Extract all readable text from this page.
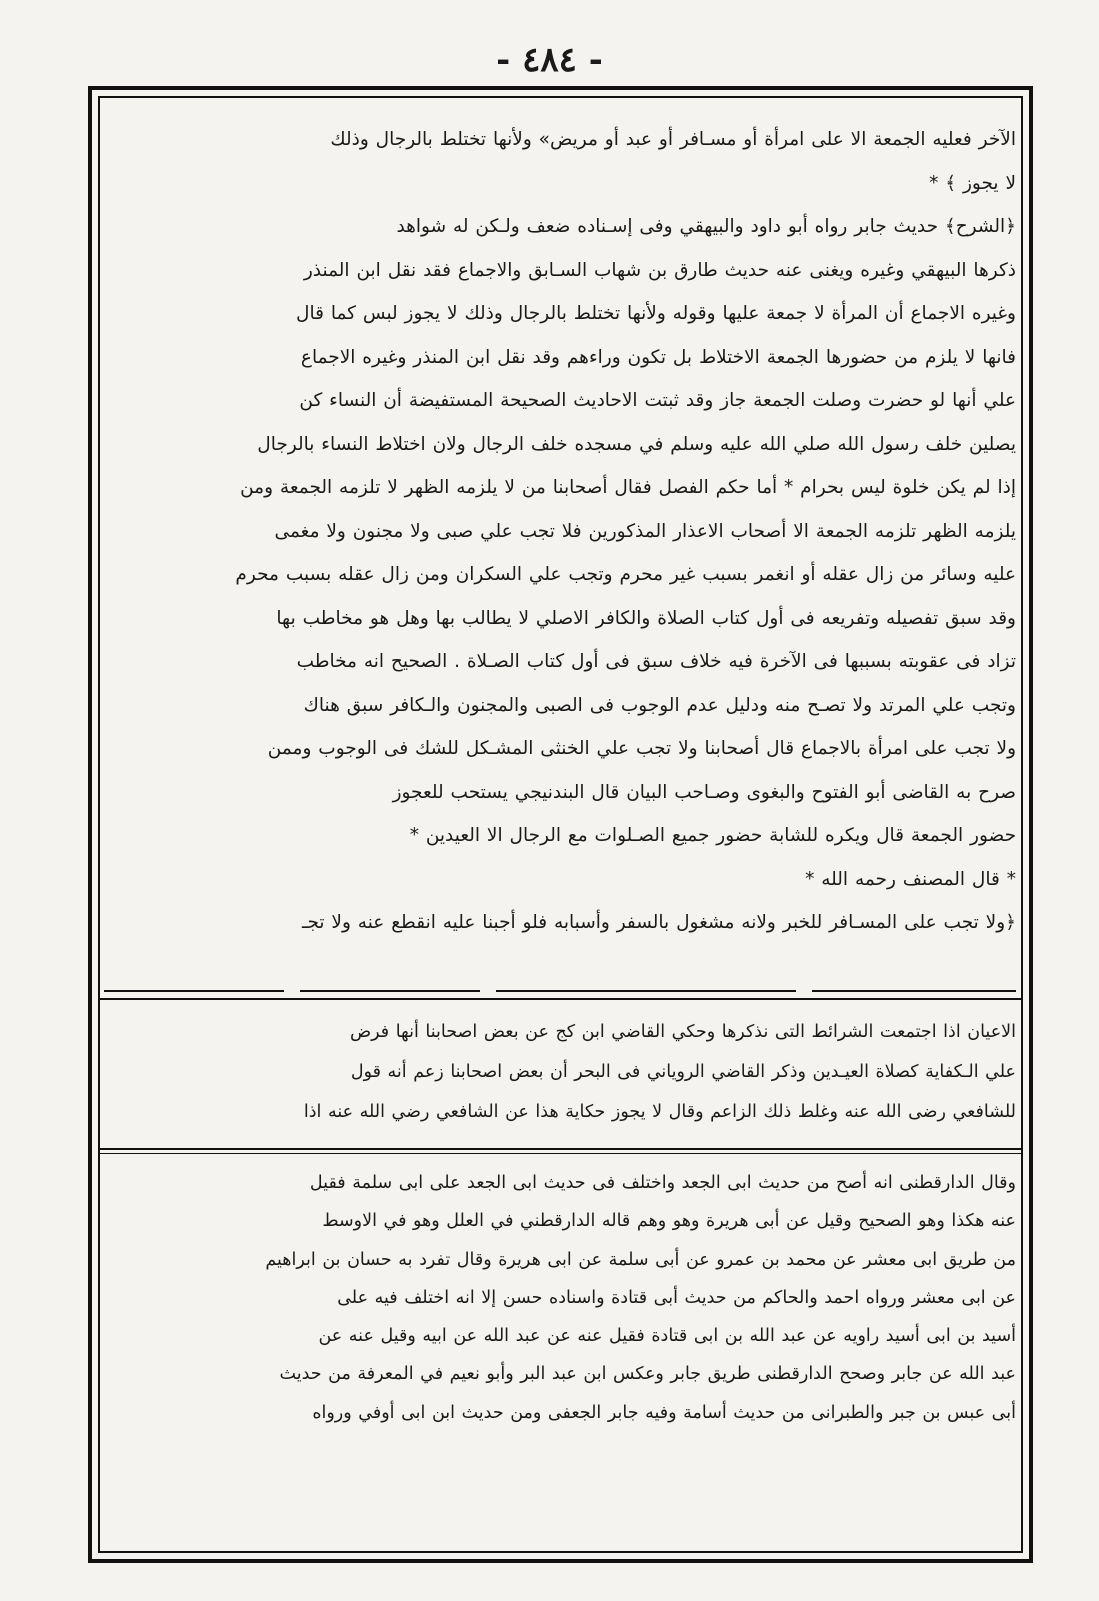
- ٤٨٤ -
الآخر فعليه الجمعة الا على امرأة أو مسـافر أو عبد أو مريض» ولأنها تختلط بالرجال وذلك
لا يجوز ﴾ *
﴿الشرح﴾ حديث جابر رواه أبو داود والبيهقي وفى إسـناده ضعف ولـكن له شواهد
ذكرها البيهقي وغيره ويغنى عنه حديث طارق بن شهاب السـابق والاجماع فقد نقل ابن المنذر
وغيره الاجماع أن المرأة لا جمعة عليها وقوله ولأنها تختلط بالرجال وذلك لا يجوز لبس كما قال
فانها لا يلزم من حضورها الجمعة الاختلاط بل تكون وراءهم وقد نقل ابن المنذر وغيره الاجماع
علي أنها لو حضرت وصلت الجمعة جاز وقد ثبتت الاحاديث الصحيحة المستفيضة أن النساء كن
يصلين خلف رسول الله صلي الله عليه وسلم في مسجده خلف الرجال ولان اختلاط النساء بالرجال
إذا لم يكن خلوة ليس بحرام * أما حكم الفصل فقال أصحابنا من لا يلزمه الظهر لا تلزمه الجمعة ومن
يلزمه الظهر تلزمه الجمعة الا أصحاب الاعذار المذكورين فلا تجب علي صبى ولا مجنون ولا مغمى
عليه وسائر من زال عقله أو انغمر بسبب غير محرم وتجب علي السكران ومن زال عقله بسبب محرم
وقد سبق تفصيله وتفريعه فى أول كتاب الصلاة والكافر الاصلي لا يطالب بها وهل هو مخاطب بها
تزاد فى عقوبته بسببها فى الآخرة فيه خلاف سبق فى أول كتاب الصـلاة . الصحيح انه مخاطب
وتجب علي المرتد ولا تصـح منه ودليل عدم الوجوب فى الصبى والمجنون والـكافر سبق هناك
ولا تجب على امرأة بالاجماع قال أصحابنا ولا تجب علي الخنثى المشـكل للشك فى الوجوب وممن
صرح به القاضى أبو الفتوح والبغوى وصـاحب البيان قال البندنيجي يستحب للعجوز
حضور الجمعة قال ويكره للشابة حضور جميع الصـلوات مع الرجال الا العيدين *
* قال المصنف رحمه الله *
﴿ولا تجب على المسـافر للخبر ولانه مشغول بالسفر وأسبابه فلو أجبنا عليه انقطع عنه ولا تجـ
الاعيان اذا اجتمعت الشرائط التى نذكرها وحكي القاضي ابن كج عن بعض اصحابنا أنها فرض
علي الـكفاية كصلاة العيـدين وذكر القاضي الروياني فى البحر أن بعض اصحابنا زعم أنه قول
للشافعي رضى الله عنه وغلط ذلك الزاعم وقال لا يجوز حكاية هذا عن الشافعي رضي الله عنه اذا
وقال الدارقطنى انه أصح من حديث ابى الجعد واختلف فى حديث ابى الجعد على ابى سلمة فقيل
عنه هكذا وهو الصحيح وقيل عن أبى هريرة وهو وهم قاله الدارقطني في العلل وهو في الاوسط
من طريق ابى معشر عن محمد بن عمرو عن أبى سلمة عن ابى هريرة وقال تفرد به حسان بن ابراهيم
عن ابى معشر ورواه احمد والحاكم من حديث أبى قتادة واسناده حسن إلا انه اختلف فيه على
أسيد بن ابى أسيد راويه عن عبد الله بن ابى قتادة فقيل عنه عن عبد الله عن ابيه وقيل عنه عن
عبد الله عن جابر وصحح الدارقطنى طريق جابر وعكس ابن عبد البر وأبو نعيم في المعرفة من حديث
أبى عبس بن جبر والطبرانى من حديث أسامة وفيه جابر الجعفى ومن حديث ابن ابى أوفي ورواه
